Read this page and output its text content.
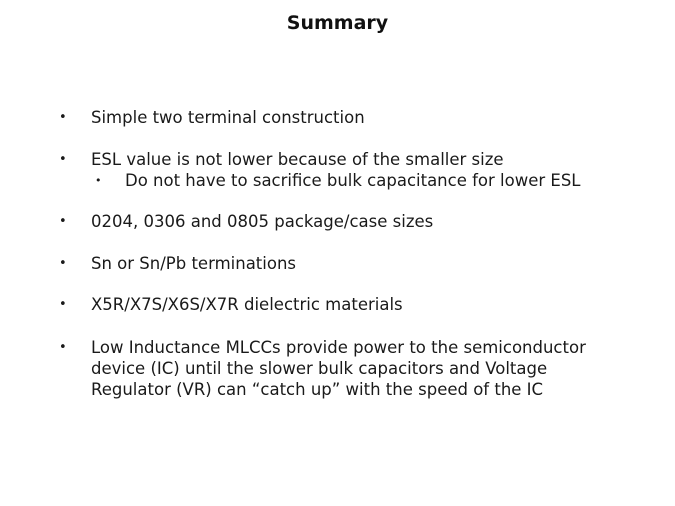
Summary
• Simple two terminal construction
• ESL value is not lower because of the smaller size
• Do not have to sacrifice bulk capacitance for lower ESL
• 0204, 0306 and 0805 package/case sizes
• Sn or Sn/Pb terminations
• X5R/X7S/X6S/X7R dielectric materials
• Low Inductance MLCCs provide power to the semiconductor
device (IC) until the slower bulk capacitors and Voltage
Regulator (VR) can “catch up” with the speed of the IC
